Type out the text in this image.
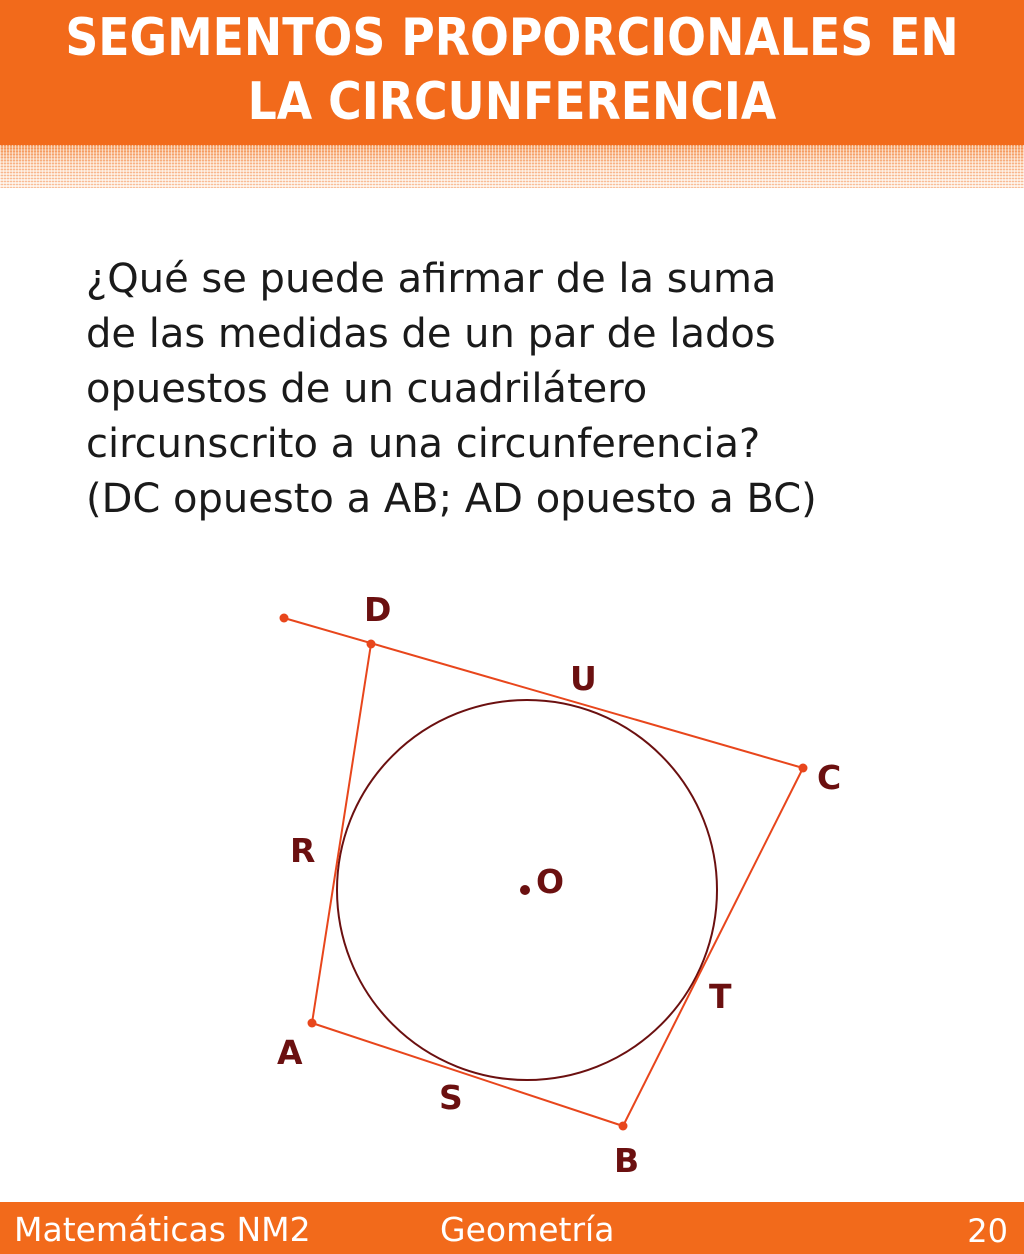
SEGMENTOS PROPORCIONALES EN
LA CIRCUNFERENCIA
¿Qué se puede afirmar de la suma
de las medidas de un par de lados
opuestos de un cuadrilátero
circunscrito a una circunferencia?
(DC opuesto a AB; AD opuesto a BC)
D
U
C
R
O
T
A
S
B
Matemáticas NM2	Geometría	20
